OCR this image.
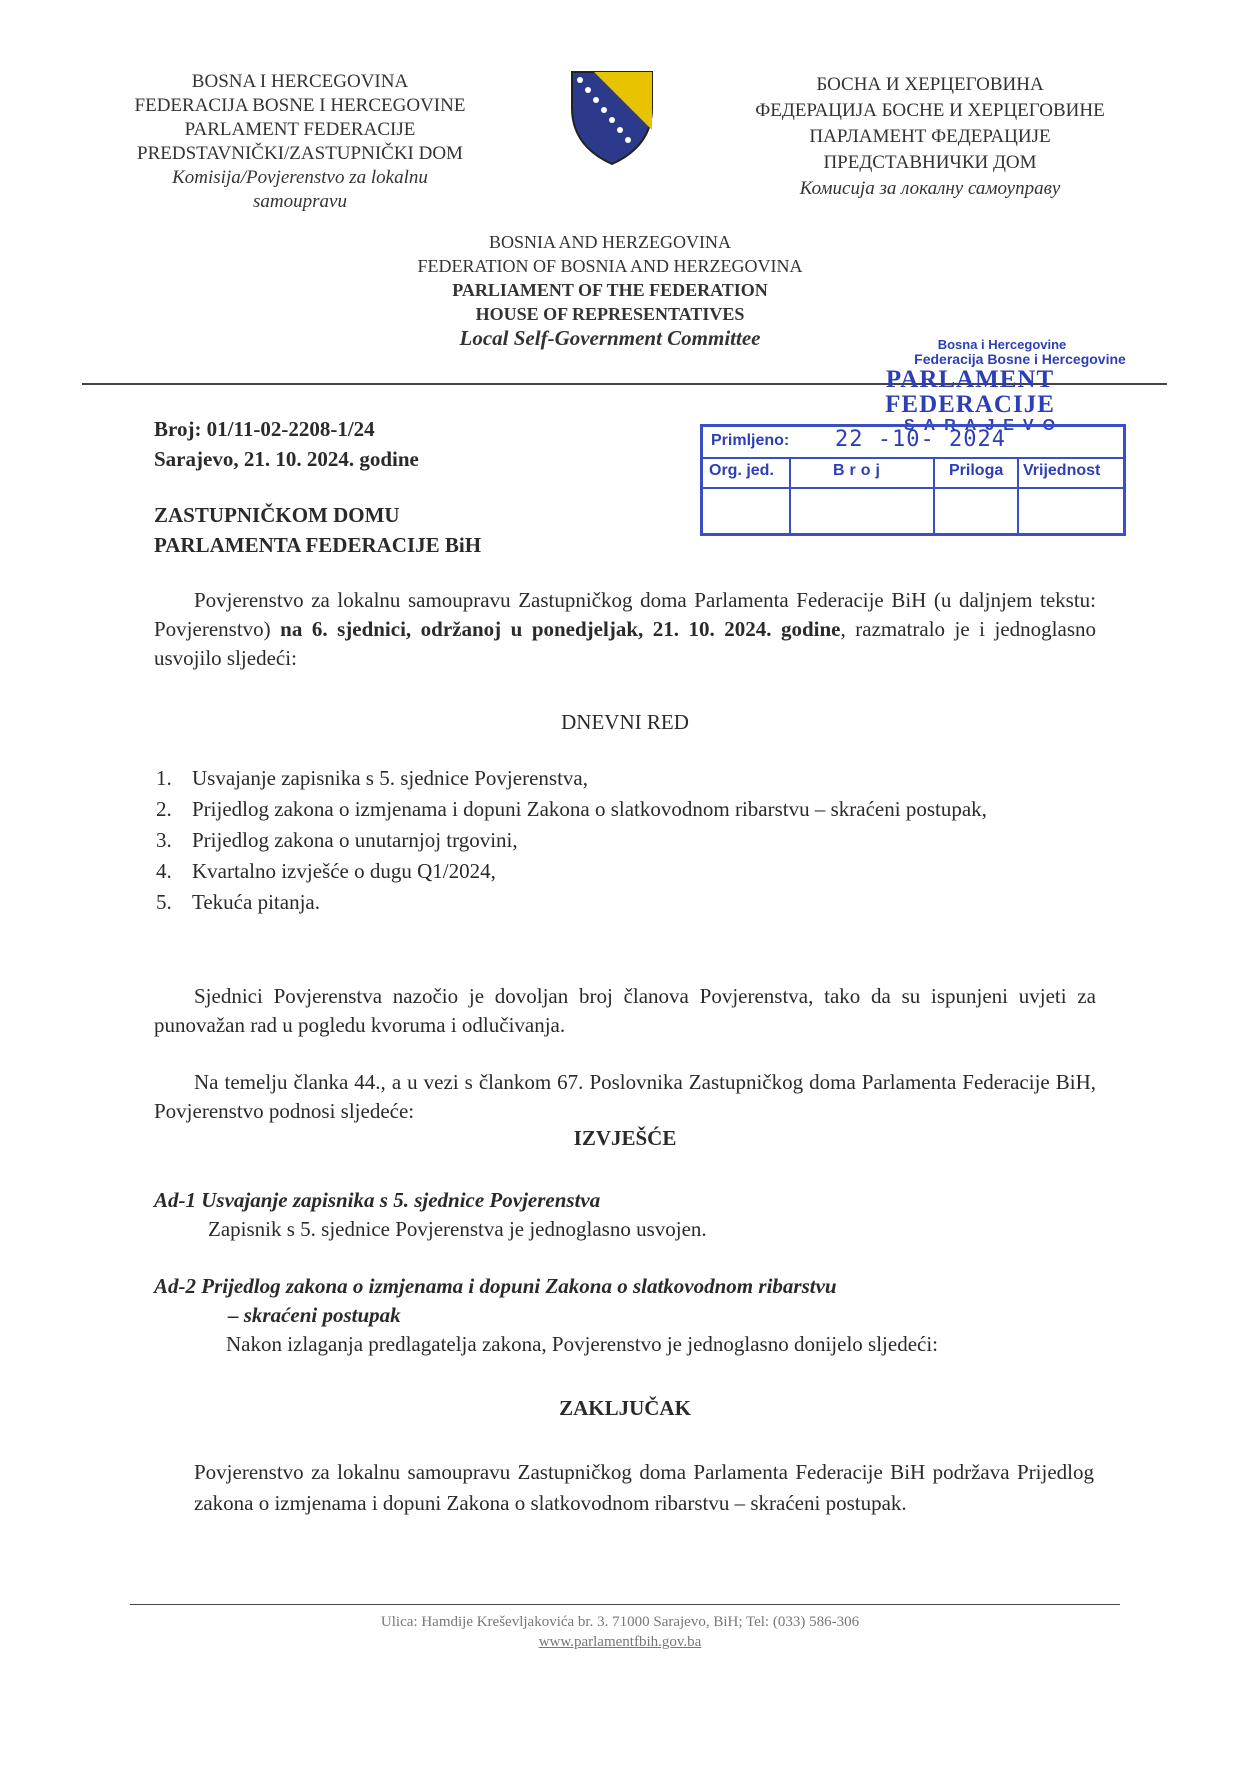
BOSNA I HERCEGOVINA
FEDERACIJA BOSNE I HERCEGOVINE
PARLAMENT FEDERACIJE
PREDSTAVNIČKI/ZASTUPNIČKI DOM
Komisija/Povjerenstvo za lokalnu
samoupravu
БОСНА И ХЕРЦЕГОВИНА
ФЕДЕРАЦИЈА БОСНЕ И ХЕРЦЕГОВИНЕ
ПАРЛАМЕНТ ФЕДЕРАЦИЈЕ
ПРЕДСТАВНИЧКИ ДОМ
Комисија за локалну самоуправу
BOSNIA AND HERZEGOVINA
FEDERATION OF BOSNIA AND HERZEGOVINA
PARLIAMENT OF THE FEDERATION
HOUSE OF REPRESENTATIVES
Local Self-Government Committee	Bosna i Hercegovine
Federacija Bosne i Hercegovine
PARLAMENT FEDERACIJE
SARAJEVO
Primljeno: 22 -10- 2024
Org. jed.	Broj	Priloga Vrijednost
Broj: 01/11-02-2208-1/24
Sarajevo, 21. 10. 2024. godine
ZASTUPNIČKOM DOMU
PARLAMENTA FEDERACIJE BiH
Povjerenstvo za lokalnu samoupravu Zastupničkog doma Parlamenta Federacije BiH (u daljnjem tekstu: Povjerenstvo) na 6. sjednici, održanoj u ponedjeljak, 21. 10. 2024. godine, razmatralo je i jednoglasno usvojilo sljedeći:
DNEVNI RED
1. Usvajanje zapisnika s 5. sjednice Povjerenstva,
2. Prijedlog zakona o izmjenama i dopuni Zakona o slatkovodnom ribarstvu – skraćeni postupak,
3. Prijedlog zakona o unutarnjoj trgovini,
4. Kvartalno izvješće o dugu Q1/2024,
5. Tekuća pitanja.
Sjednici Povjerenstva nazočio je dovoljan broj članova Povjerenstva, tako da su ispunjeni uvjeti za punovažan rad u pogledu kvoruma i odlučivanja.
Na temelju članka 44., a u vezi s člankom 67. Poslovnika Zastupničkog doma Parlamenta Federacije BiH, Povjerenstvo podnosi sljedeće:
IZVJEŠĆE
Ad-1 Usvajanje zapisnika s 5. sjednice Povjerenstva
Zapisnik s 5. sjednice Povjerenstva je jednoglasno usvojen.
Ad-2 Prijedlog zakona o izmjenama i dopuni Zakona o slatkovodnom ribarstvu
– skraćeni postupak
Nakon izlaganja predlagatelja zakona, Povjerenstvo je jednoglasno donijelo sljedeći:
ZAKLJUČAK
Povjerenstvo za lokalnu samoupravu Zastupničkog doma Parlamenta Federacije BiH podržava Prijedlog zakona o izmjenama i dopuni Zakona o slatkovodnom ribarstvu – skraćeni postupak.
Ulica: Hamdije Kreševljakovića br. 3. 71000 Sarajevo, BiH; Tel: (033) 586-306
www.parlamentfbih.gov.ba
